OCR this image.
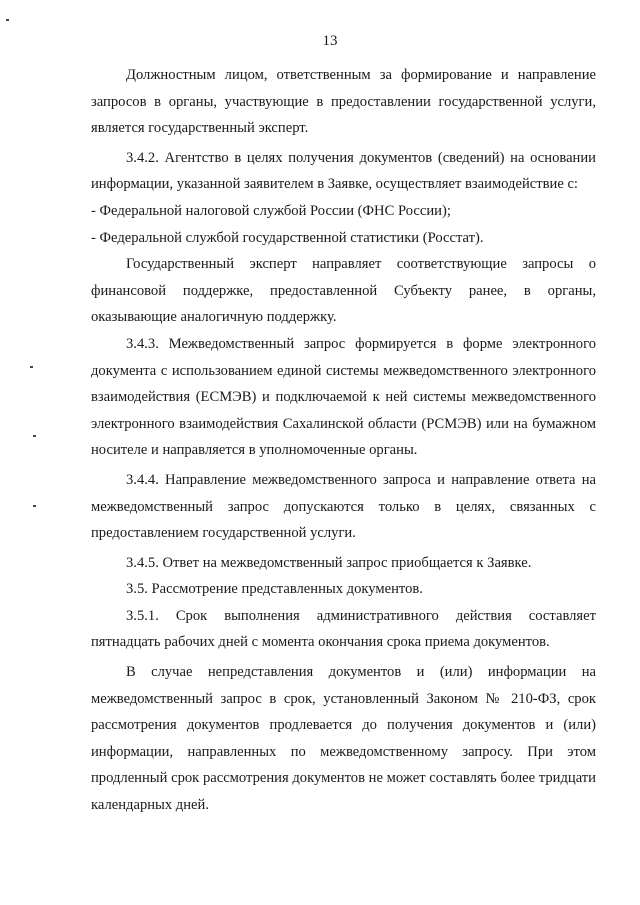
13

Должностным лицом, ответственным за формирование и направление запросов в органы, участвующие в предоставлении государственной услуги, является государственный эксперт.

3.4.2. Агентство в целях получения документов (сведений) на основании информации, указанной заявителем в Заявке, осуществляет взаимодействие с:

- Федеральной налоговой службой России (ФНС России);

- Федеральной службой государственной статистики (Росстат).

Государственный эксперт направляет соответствующие запросы о финансовой поддержке, предоставленной Субъекту ранее, в органы, оказывающие аналогичную поддержку.

3.4.3. Межведомственный запрос формируется в форме электронного документа с использованием единой системы межведомственного электронного взаимодействия (ЕСМЭВ) и подключаемой к ней системы межведомственного электронного взаимодействия Сахалинской области (РСМЭВ) или на бумажном носителе и направляется в уполномоченные органы.

3.4.4. Направление межведомственного запроса и направление ответа на межведомственный запрос допускаются только в целях, связанных с предоставлением государственной услуги.

3.4.5. Ответ на межведомственный запрос приобщается к Заявке.

3.5. Рассмотрение представленных документов.

3.5.1. Срок выполнения административного действия составляет пятнадцать рабочих дней с момента окончания срока приема документов.

В случае непредставления документов и (или) информации на межведомственный запрос в срок, установленный Законом № 210-ФЗ, срок рассмотрения документов продлевается до получения документов и (или) информации, направленных по межведомственному запросу. При этом продленный срок рассмотрения документов не может составлять более тридцати календарных дней.
